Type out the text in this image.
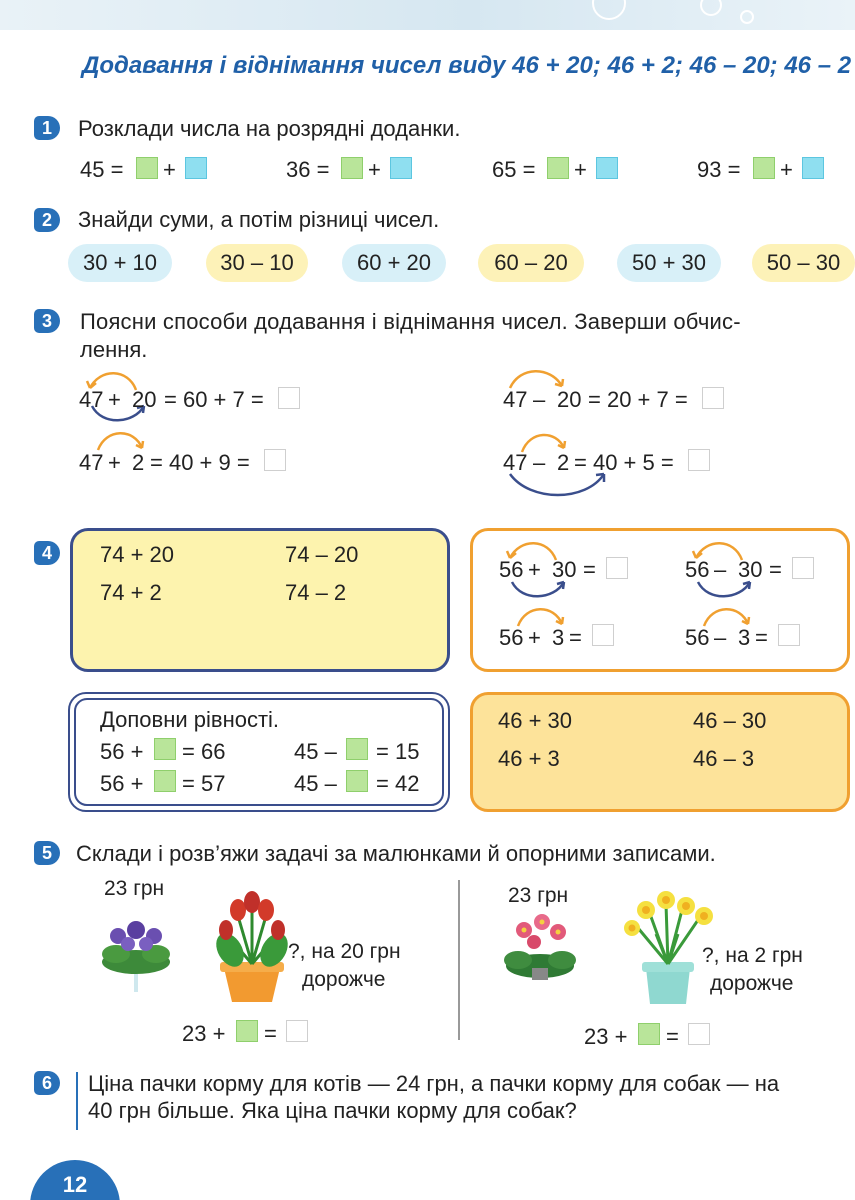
Додавання і віднімання чисел виду 46 + 20; 46 + 2; 46 – 20; 46 – 2
1	Розклади числа на розрядні доданки.
45 = +	36 = +	65 = +	93 = +
2	Знайди суми, а потім різниці чисел.
30 + 10	30 – 10	60 + 20	60 – 20	50 + 30	50 – 30
3	Поясни способи додавання і віднімання чисел. Заверши обчис-
лення.
47 + 20 = 60 + 7 =
47 + 2 = 40 + 9 =
47 – 20 = 20 + 7 =
47 – 2 = 40 + 5 =
4	74 + 20	74 – 20
74 + 2	74 – 2
56 + 30 =	56 – 30 =
56 + 3 =	56 – 3 =
Доповни рівності.
56 + = 66	45 – = 15
56 + = 57	45 – = 42
46 + 30	46 – 30
46 + 3	46 – 3
5	Склади і розв’яжи задачі за малюнками й опорними записами.
23 грн
?, на 20 грн
дорожче
23 + =
23 грн
?, на 2 грн
дорожче
23 + =
6	Ціна пачки корму для котів — 24 грн, а пачки корму для собак — на
40 грн більше. Яка ціна пачки корму для собак?
12
